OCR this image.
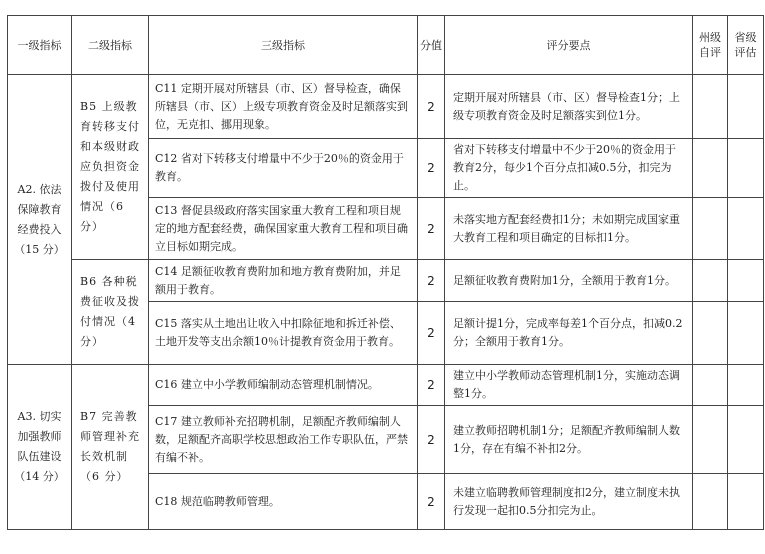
一级指标	二级指标	三级指标	分值	评分要点	州级自评	省级评估
A2. 依法保障教育经费投入（15 分）	B5 上级教育转移支付和本级财政应负担资金拨付及使用情况（6 分）	C11 定期开展对所辖县（市、区）督导检查，确保所辖县（市、区）上级专项教育资金及时足额落实到位，无克扣、挪用现象。	2	定期开展对所辖县（市、区）督导检查1分；上级专项教育资金及时足额落实到位1分。		
		C12 省对下转移支付增量中不少于20％的资金用于教育。	2	省对下转移支付增量中不少于20％的资金用于教育2分，每少1个百分点扣减0.5分，扣完为止。		
		C13 督促县级政府落实国家重大教育工程和项目规定的地方配套经费，确保国家重大教育工程和项目确立目标如期完成。	2	未落实地方配套经费扣1分；未如期完成国家重大教育工程和项目确定的目标扣1分。		
	B6 各种税费征收及拨付情况（4 分）	C14 足额征收教育费附加和地方教育费附加，并足额用于教育。	2	足额征收教育费附加1分，全额用于教育1分。		
		C15 落实从土地出让收入中扣除征地和拆迁补偿、土地开发等支出余额10％计提教育资金用于教育。	2	足额计提1分，完成率每差1个百分点，扣减0.2分；全额用于教育1分。		
A3. 切实加强教师队伍建设（14 分）	B7 完善教师管理补充长效机制（6 分）	C16 建立中小学教师编制动态管理机制情况。	2	建立中小学教师动态管理机制1分，实施动态调整1分。		
		C17 建立教师补充招聘机制，足额配齐教师编制人数，足额配齐高职学校思想政治工作专职队伍，严禁有编不补。	2	建立教师招聘机制1分；足额配齐教师编制人数1分，存在有编不补扣2分。		
		C18 规范临聘教师管理。	2	未建立临聘教师管理制度扣2分，建立制度未执行发现一起扣0.5分扣完为止。		
